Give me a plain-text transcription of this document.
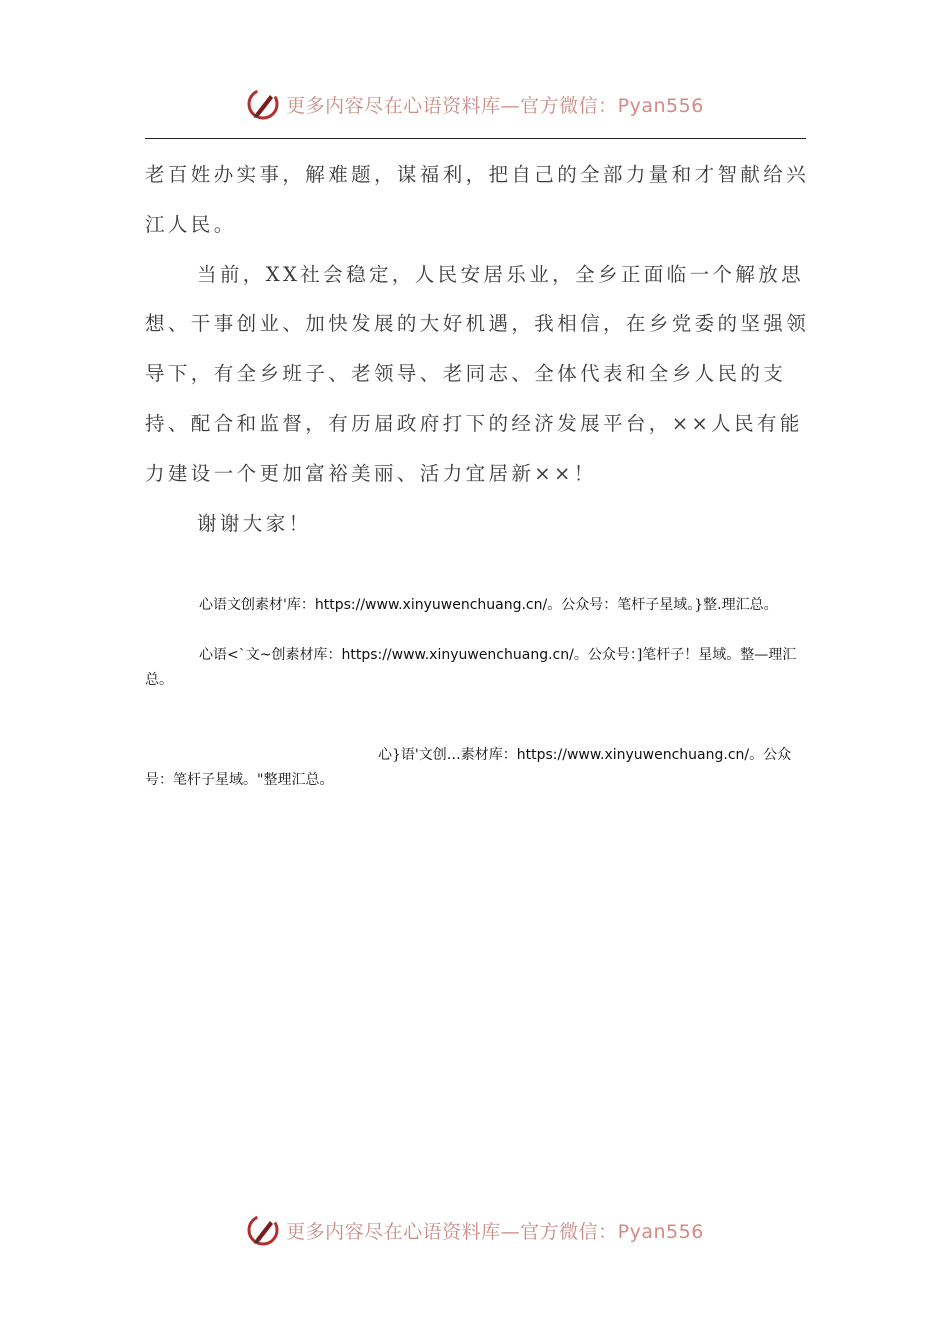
更多内容尽在心语资料库—官方微信：Pyan556

老百姓办实事，解难题，谋福利，把自己的全部力量和才智献给兴江人民。

当前，XX社会稳定，人民安居乐业，全乡正面临一个解放思想、干事创业、加快发展的大好机遇，我相信，在乡党委的坚强领导下，有全乡班子、老领导、老同志、全体代表和全乡人民的支持、配合和监督，有历届政府打下的经济发展平台，××人民有能力建设一个更加富裕美丽、活力宜居新××！

谢谢大家！

心语文创素材'库：https://www.xinyuwenchuang.cn/。公众号：笔杆子星域。}整.理汇总。
心语<`文~创素材库：https://www.xinyuwenchuang.cn/。公众号：]笔杆子！星域。整—理汇总。
心}语'文创…素材库：https://www.xinyuwenchuang.cn/。公众号：笔杆子星域。"整理汇总。
更多内容尽在心语资料库—官方微信：Pyan556
